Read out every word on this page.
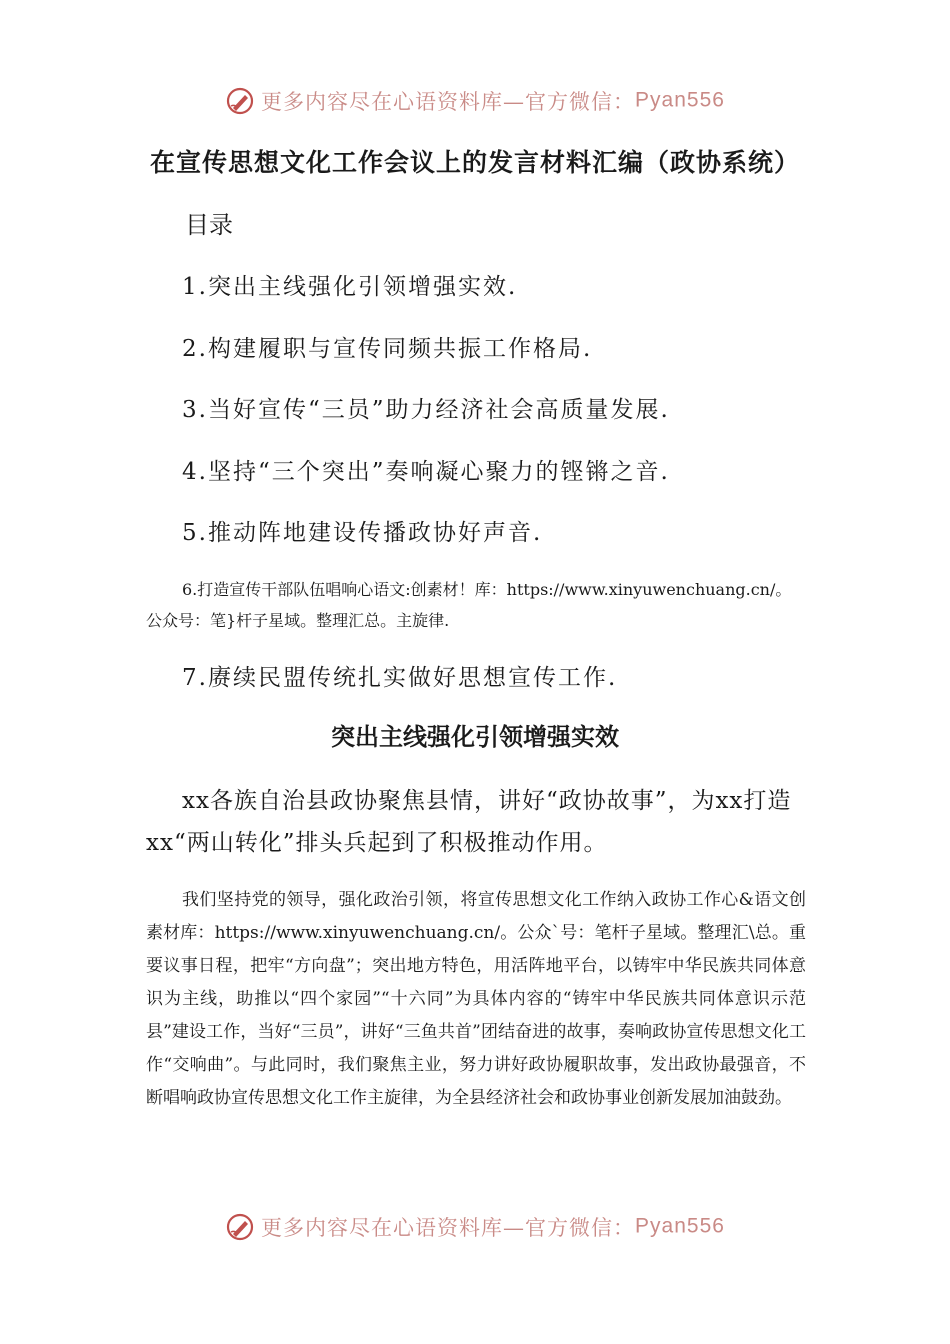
更多内容尽在心语资料库—官方微信：Pyan556
在宣传思想文化工作会议上的发言材料汇编（政协系统）
目录
1.突出主线强化引领增强实效.
2.构建履职与宣传同频共振工作格局.
3.当好宣传“三员”助力经济社会高质量发展.
4.坚持“三个突出”奏响凝心聚力的铿锵之音.
5.推动阵地建设传播政协好声音.
6.打造宣传干部队伍唱响心语文:创素材！库：https://www.xinyuwenchuang.cn/。公众号：笔}杆子星域。整理汇总。主旋律.
7.赓续民盟传统扎实做好思想宣传工作.
突出主线强化引领增强实效
xx各族自治县政协聚焦县情，讲好“政协故事”，为xx打造xx“两山转化”排头兵起到了积极推动作用。
我们坚持党的领导，强化政治引领，将宣传思想文化工作纳入政协工作心&语文创素材库：https://www.xinyuwenchuang.cn/。公众`号：笔杆子星域。整理汇\总。重要议事日程，把牢“方向盘”；突出地方特色，用活阵地平台，以铸牢中华民族共同体意识为主线，助推以“四个家园”“十六同”为具体内容的“铸牢中华民族共同体意识示范县”建设工作，当好“三员”，讲好“三鱼共首”团结奋进的故事，奏响政协宣传思想文化工作“交响曲”。与此同时，我们聚焦主业，努力讲好政协履职故事，发出政协最强音，不断唱响政协宣传思想文化工作主旋律，为全县经济社会和政协事业创新发展加油鼓劲。
更多内容尽在心语资料库—官方微信：Pyan556
